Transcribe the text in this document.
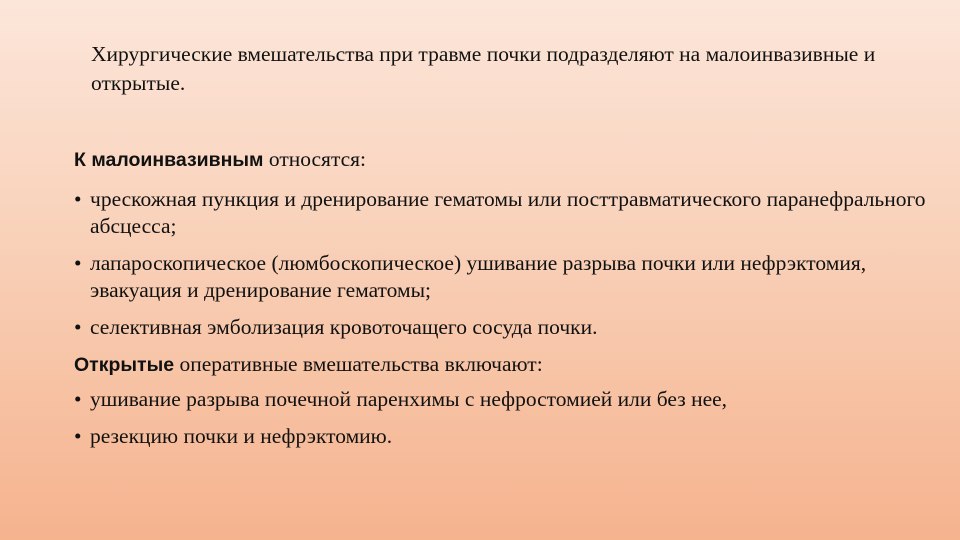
Хирургические вмешательства при травме почки подразделяют на малоинвазивные и открытые.

К малоинвазивным относятся:

• чрескожная пункция и дренирование гематомы или посттравматического паранефрального абсцесса;
• лапароскопическое (люмбоскопическое) ушивание разрыва почки или нефрэктомия, эвакуация и дренирование гематомы;
• селективная эмболизация кровоточащего сосуда почки.

Открытые оперативные вмешательства включают:

• ушивание разрыва почечной паренхимы с нефростомией или без нее,
• резекцию почки и нефрэктомию.
